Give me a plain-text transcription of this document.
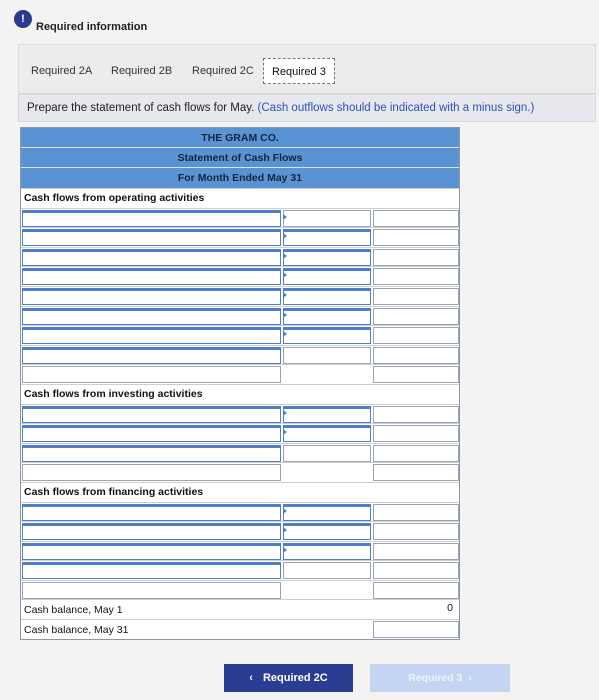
!
Required information
Required 2A	Required 2B	Required 2C	Required 3
Prepare the statement of cash flows for May. (Cash outflows should be indicated with a minus sign.)
THE GRAM CO.
Statement of Cash Flows
For Month Ended May 31
Cash flows from operating activities
Cash flows from investing activities
Cash flows from financing activities
Cash balance, May 1	0
Cash balance, May 31
‹ Required 2C	Required 3 ›
